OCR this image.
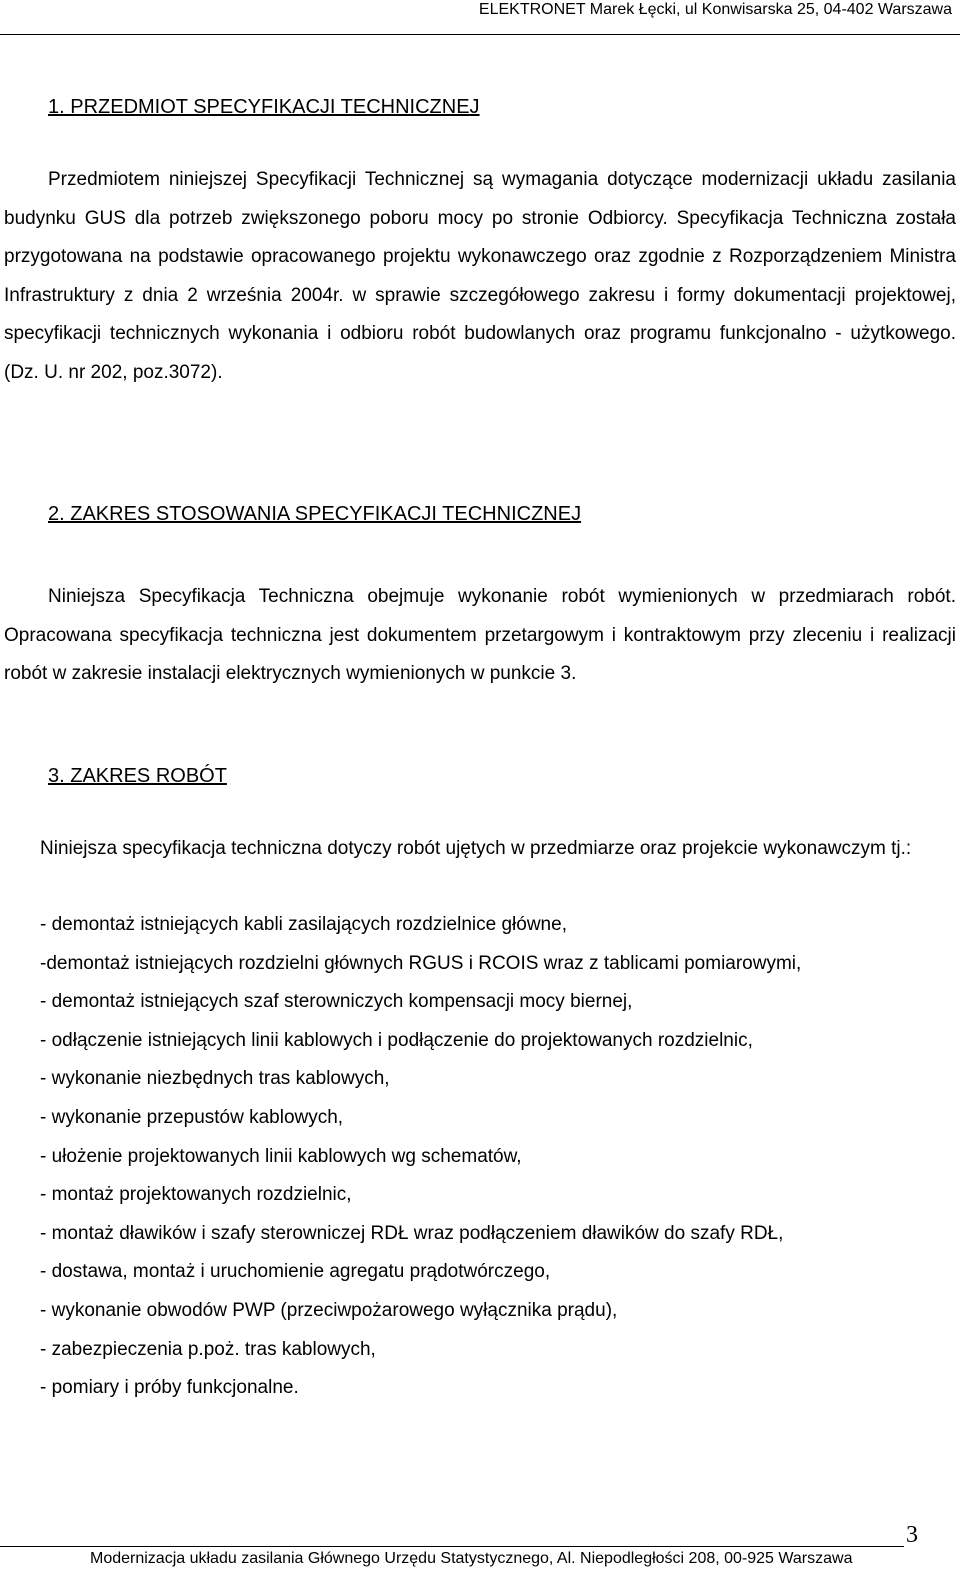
ELEKTRONET Marek Łęcki, ul Konwisarska 25, 04-402 Warszawa
1. PRZEDMIOT SPECYFIKACJI TECHNICZNEJ
Przedmiotem niniejszej Specyfikacji Technicznej są wymagania dotyczące modernizacji układu zasilania budynku GUS dla potrzeb zwiększonego poboru mocy po stronie Odbiorcy. Specyfikacja Techniczna została przygotowana na podstawie opracowanego projektu wykonawczego oraz zgodnie z Rozporządzeniem Ministra Infrastruktury z dnia 2 września 2004r. w sprawie szczegółowego zakresu i formy dokumentacji projektowej, specyfikacji technicznych wykonania i odbioru robót budowlanych oraz programu funkcjonalno - użytkowego. (Dz. U. nr 202, poz.3072).
2. ZAKRES STOSOWANIA SPECYFIKACJI TECHNICZNEJ
Niniejsza Specyfikacja Techniczna obejmuje wykonanie robót wymienionych w przedmiarach robót. Opracowana specyfikacja techniczna jest dokumentem przetargowym i kontraktowym przy zleceniu i realizacji robót w zakresie instalacji elektrycznych wymienionych w punkcie 3.
3. ZAKRES ROBÓT
Niniejsza specyfikacja techniczna dotyczy robót ujętych w przedmiarze oraz projekcie wykonawczym tj.:
- demontaż istniejących kabli zasilających rozdzielnice główne,
-demontaż istniejących rozdzielni głównych RGUS i RCOIS wraz z tablicami pomiarowymi,
- demontaż istniejących szaf sterowniczych kompensacji mocy biernej,
- odłączenie istniejących linii kablowych i podłączenie do projektowanych rozdzielnic,
- wykonanie niezbędnych tras kablowych,
- wykonanie przepustów kablowych,
- ułożenie projektowanych linii kablowych wg schematów,
- montaż projektowanych rozdzielnic,
- montaż dławików i szafy sterowniczej RDŁ wraz podłączeniem dławików do szafy RDŁ,
- dostawa, montaż i uruchomienie agregatu prądotwórczego,
- wykonanie obwodów PWP (przeciwpożarowego wyłącznika prądu),
- zabezpieczenia p.poż. tras kablowych,
- pomiary i próby funkcjonalne.
3
Modernizacja układu zasilania Głównego Urzędu Statystycznego, Al. Niepodległości 208, 00-925 Warszawa
